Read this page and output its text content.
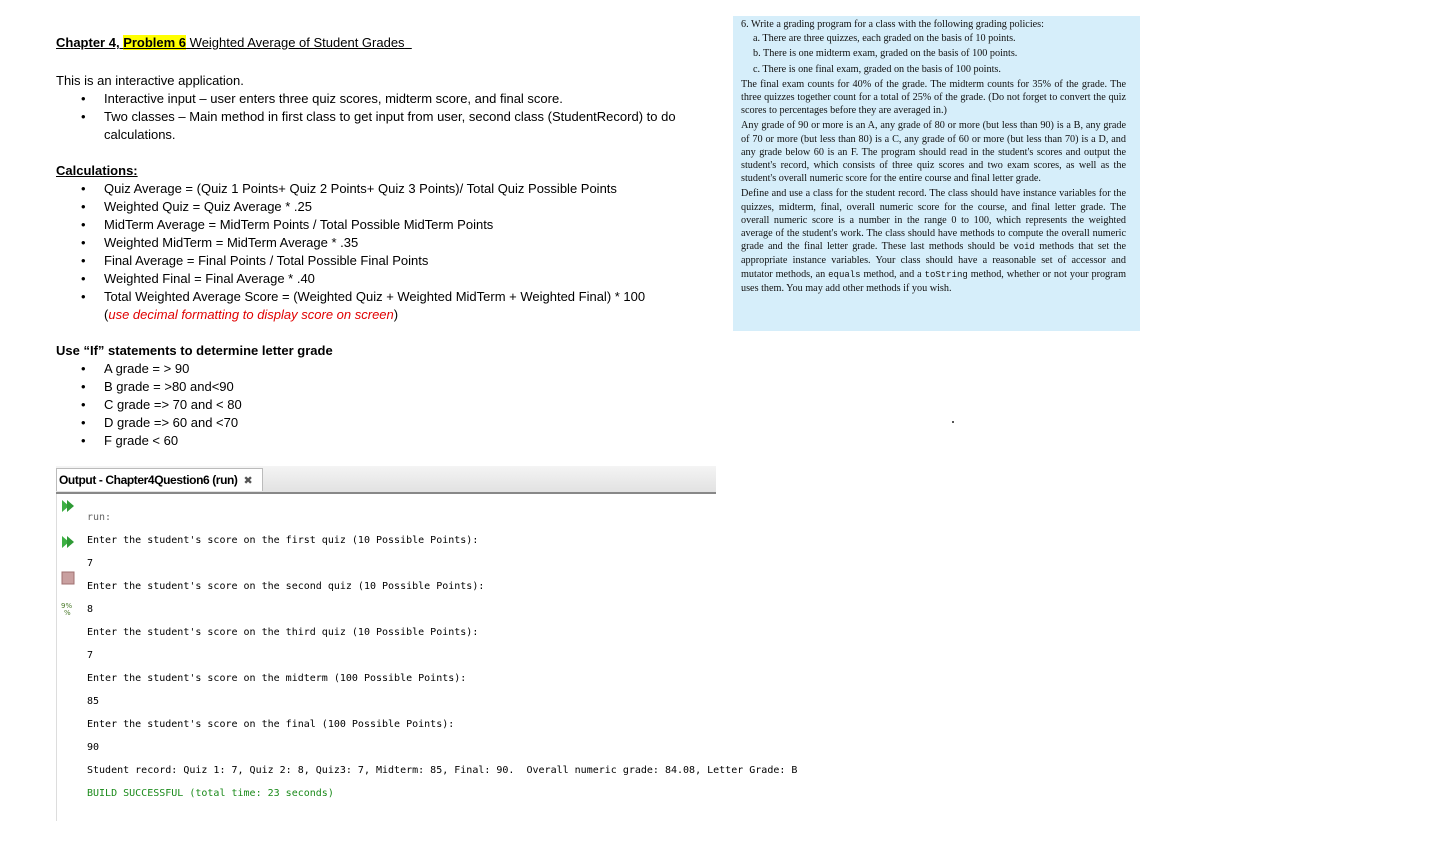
Chapter 4, Problem 6 Weighted Average of Student Grades

This is an interactive application.

• Interactive input – user enters three quiz scores, midterm score, and final score.
• Two classes – Main method in first class to get input from user, second class (StudentRecord) to do calculations.

Calculations:

• Quiz Average = (Quiz 1 Points+ Quiz 2 Points+ Quiz 3 Points)/ Total Quiz Possible Points
• Weighted Quiz = Quiz Average * .25
• MidTerm Average = MidTerm Points / Total Possible MidTerm Points
• Weighted MidTerm = MidTerm Average * .35
• Final Average = Final Points / Total Possible Final Points
• Weighted Final = Final Average * .40
• Total Weighted Average Score = (Weighted Quiz + Weighted MidTerm + Weighted Final) * 100
(use decimal formatting to display score on screen)

Use “If” statements to determine letter grade

• A grade = > 90
• B grade = >80 and<90
• C grade => 70 and < 80
• D grade => 60 and <70
• F grade < 60
Output - Chapter4Question6 (run) ✖
9%
%
run:
Enter the student's score on the first quiz (10 Possible Points):
7
Enter the student's score on the second quiz (10 Possible Points):
8
Enter the student's score on the third quiz (10 Possible Points):
7
Enter the student's score on the midterm (100 Possible Points):
85
Enter the student's score on the final (100 Possible Points):
90
Student record: Quiz 1: 7, Quiz 2: 8, Quiz3: 7, Midterm: 85, Final: 90.  Overall numeric grade: 84.08, Letter Grade: B
BUILD SUCCESSFUL (total time: 23 seconds)

6. Write a grading program for a class with the following grading policies:

a. There are three quizzes, each graded on the basis of 10 points.
b. There is one midterm exam, graded on the basis of 100 points.
c. There is one final exam, graded on the basis of 100 points.

The final exam counts for 40% of the grade. The midterm counts for 35% of the grade. The three quizzes together count for a total of 25% of the grade. (Do not forget to convert the quiz scores to percentages before they are averaged in.)

Any grade of 90 or more is an A, any grade of 80 or more (but less than 90) is a B, any grade of 70 or more (but less than 80) is a C, any grade of 60 or more (but less than 70) is a D, and any grade below 60 is an F. The program should read in the student's scores and output the student's record, which consists of three quiz scores and two exam scores, as well as the student's overall numeric score for the entire course and final letter grade.

Define and use a class for the student record. The class should have instance variables for the quizzes, midterm, final, overall numeric score for the course, and final letter grade. The overall numeric score is a number in the range 0 to 100, which represents the weighted average of the student's work. The class should have methods to compute the overall numeric grade and the final letter grade. These last methods should be void methods that set the appropriate instance variables. Your class should have a reasonable set of accessor and mutator methods, an equals method, and a toString method, whether or not your program uses them. You may add other methods if you wish.
